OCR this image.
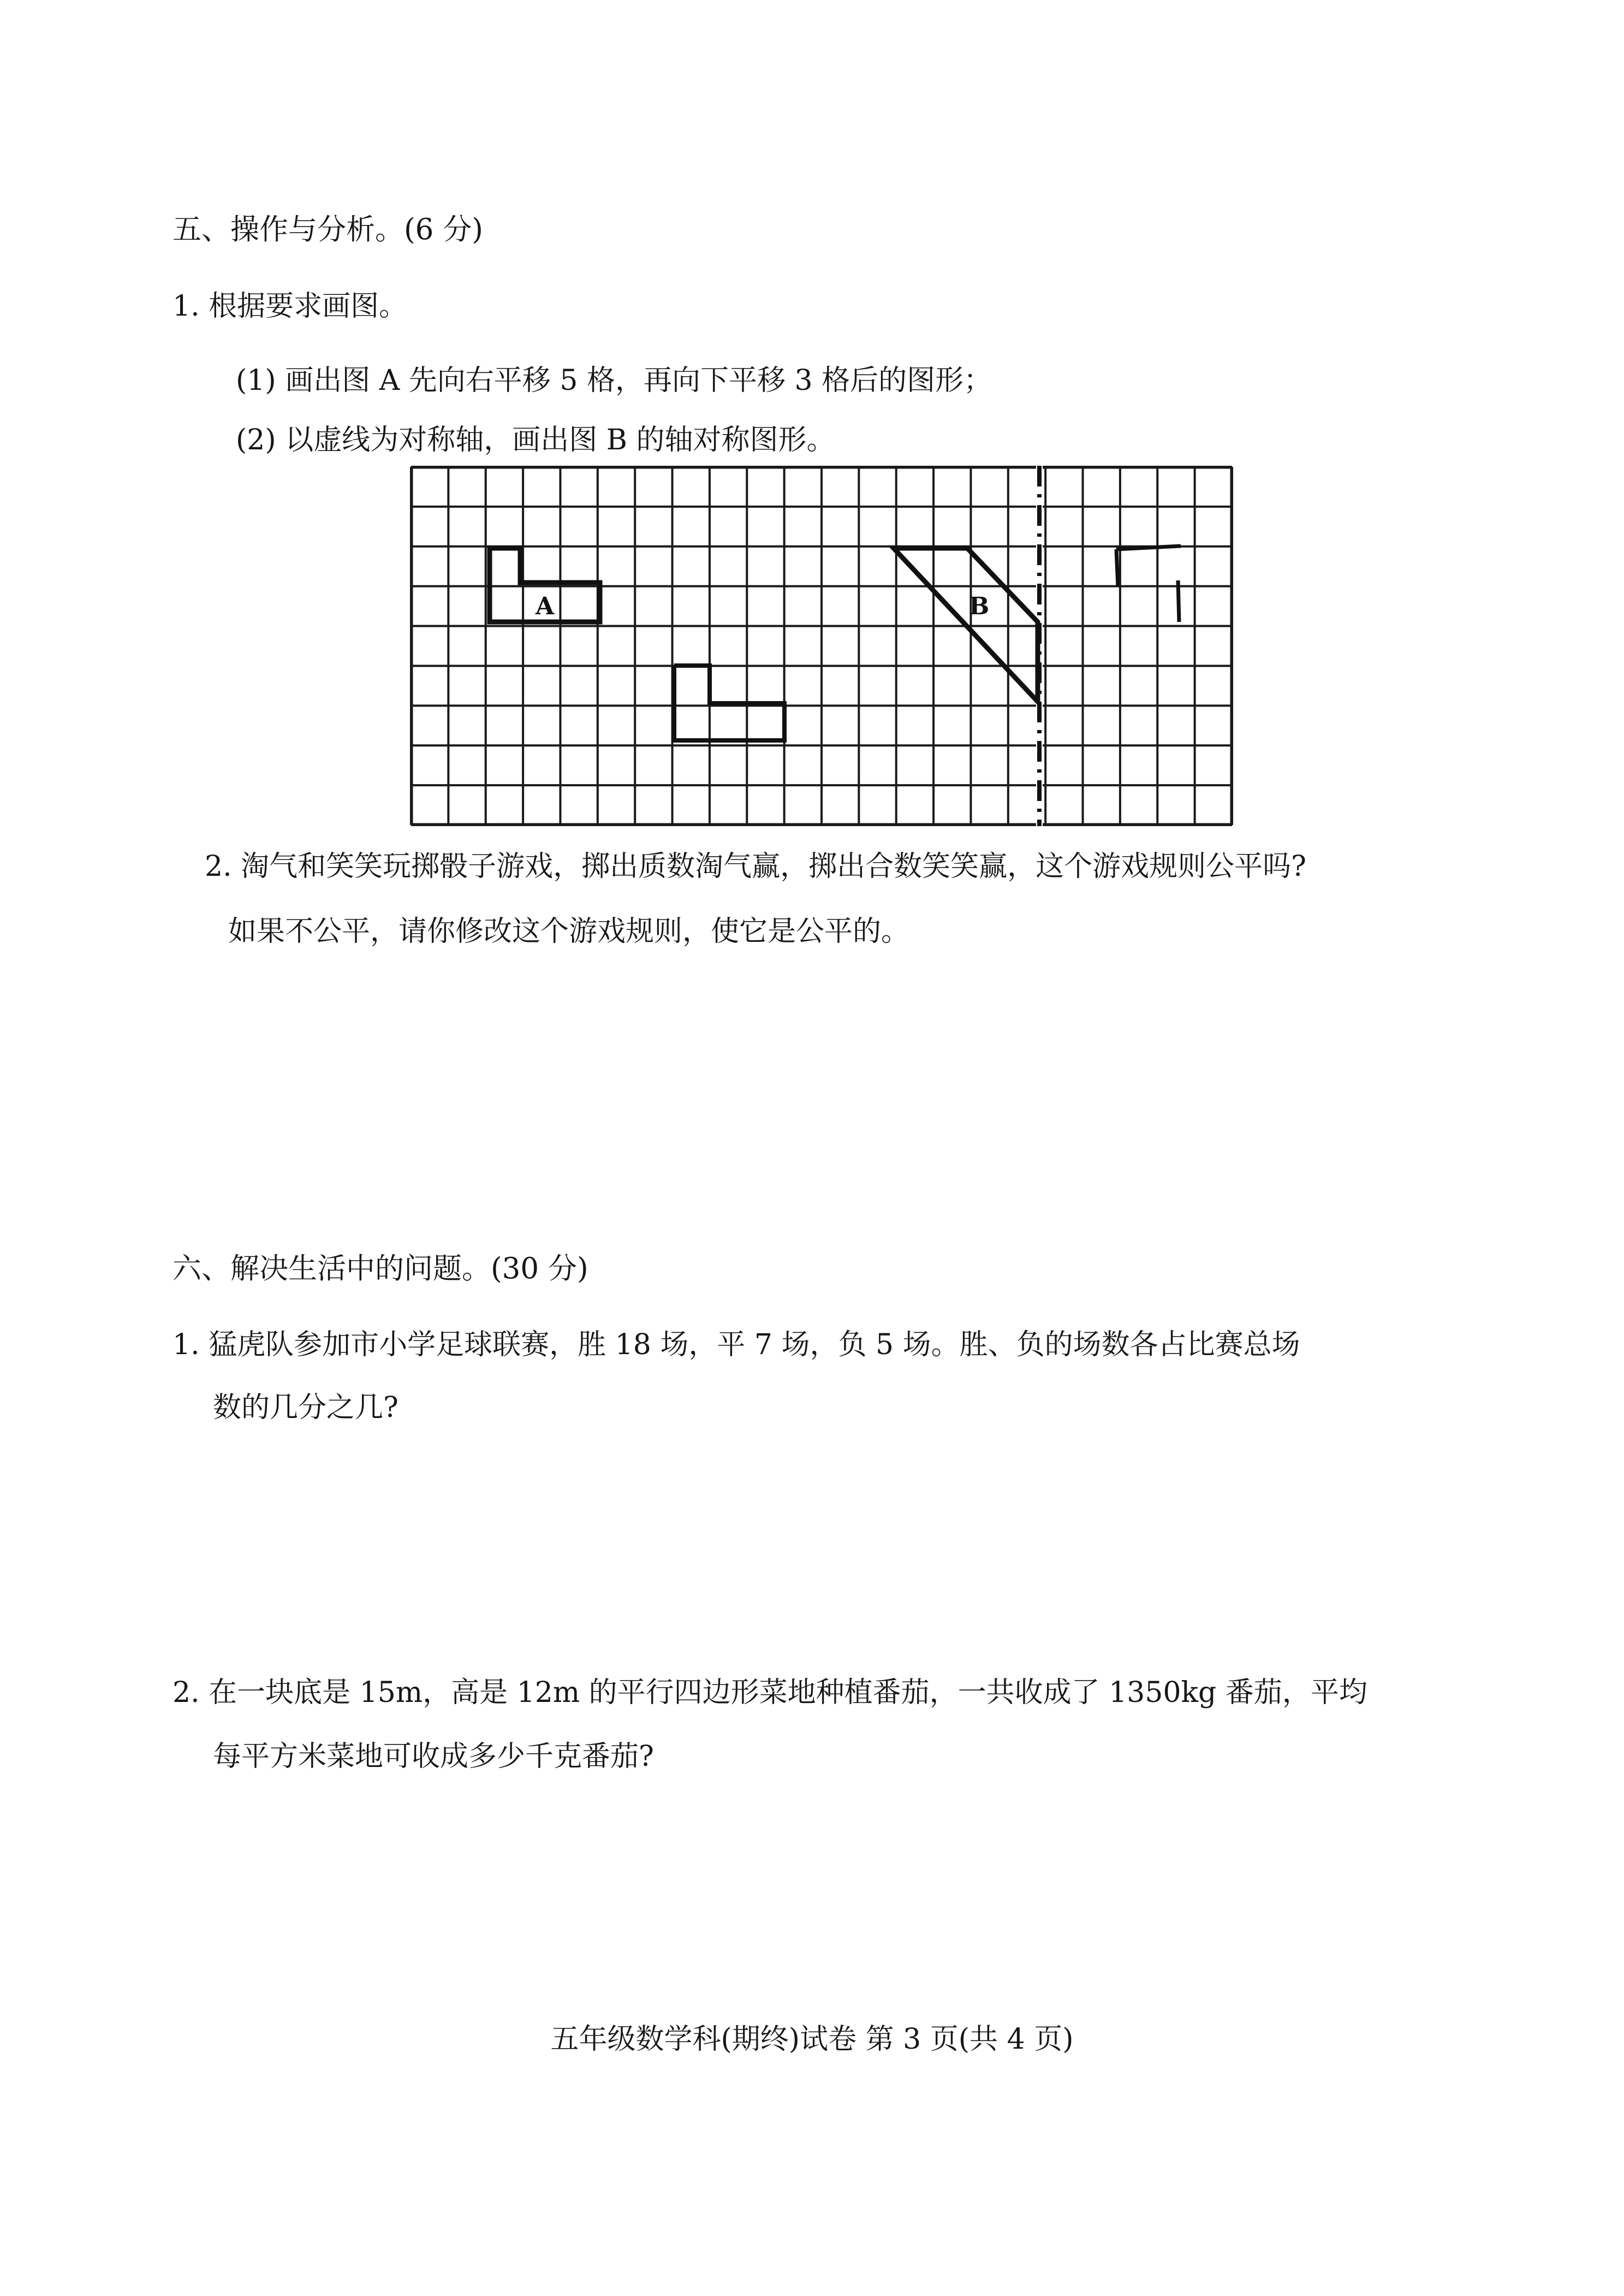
五、操作与分析。(6 分)
1. 根据要求画图。
(1) 画出图 A 先向右平移 5 格，再向下平移 3 格后的图形；
(2) 以虚线为对称轴，画出图 B 的轴对称图形。
A	B
2. 淘气和笑笑玩掷骰子游戏，掷出质数淘气赢，掷出合数笑笑赢，这个游戏规则公平吗?
如果不公平，请你修改这个游戏规则，使它是公平的。
六、解决生活中的问题。(30 分)
1. 猛虎队参加市小学足球联赛，胜 18 场，平 7 场，负 5 场。胜、负的场数各占比赛总场
数的几分之几?
2. 在一块底是 15m，高是 12m 的平行四边形菜地种植番茄，一共收成了 1350kg 番茄，平均
每平方米菜地可收成多少千克番茄?
五年级数学科(期终)试卷 第 3 页(共 4 页)
